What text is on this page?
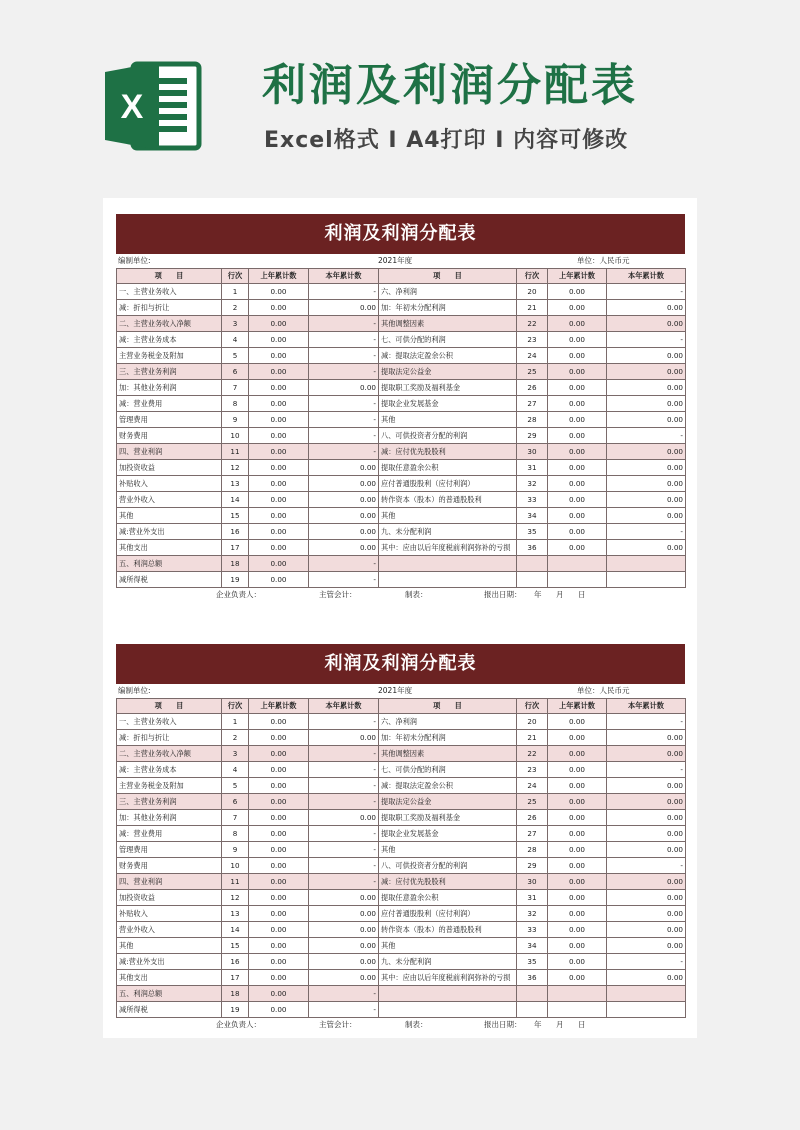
X	利润及利润分配表
Excel格式 I A4打印 I 内容可修改
利润及利润分配表
编制单位:	2021年度	单位：人民币元
项　　目	行次	上年累计数	本年累计数	项　　目	行次	上年累计数	本年累计数
一、主营业务收入	1	0.00	-	六、净利润	20	0.00	-
减：折扣与折让	2	0.00	0.00	加：年初未分配利润	21	0.00	0.00
二、主营业务收入净额	3	0.00	-	其他调整因素	22	0.00	0.00
减：主营业务成本	4	0.00	-	七、可供分配的利润	23	0.00	-
主营业务税金及附加	5	0.00	-	减：提取法定盈余公积	24	0.00	0.00
三、主营业务利润	6	0.00	-	提取法定公益金	25	0.00	0.00
加：其他业务利润	7	0.00	0.00	提取职工奖励及福利基金	26	0.00	0.00
减：营业费用	8	0.00	-	提取企业发展基金	27	0.00	0.00
管理费用	9	0.00	-	其他	28	0.00	0.00
财务费用	10	0.00	-	八、可供投资者分配的利润	29	0.00	-
四、营业利润	11	0.00	-	减：应付优先股股利	30	0.00	0.00
加投资收益	12	0.00	0.00	提取任意盈余公积	31	0.00	0.00
补贴收入	13	0.00	0.00	应付普通股股利（应付利润）	32	0.00	0.00
营业外收入	14	0.00	0.00	转作资本（股本）的普通股股利	33	0.00	0.00
其他	15	0.00	0.00	其他	34	0.00	0.00
减:营业外支出	16	0.00	0.00	九、未分配利润	35	0.00	-
其他支出	17	0.00	0.00	其中：应由以后年度税前利润弥补的亏损	36	0.00	0.00
五、利润总额	18	0.00	-				
减所得税	19	0.00	-				
企业负责人：	主管会计：	制表：	报出日期： 年 月 日
利润及利润分配表
编制单位:	2021年度	单位：人民币元
项　　目	行次	上年累计数	本年累计数	项　　目	行次	上年累计数	本年累计数
一、主营业务收入	1	0.00	-	六、净利润	20	0.00	-
减：折扣与折让	2	0.00	0.00	加：年初未分配利润	21	0.00	0.00
二、主营业务收入净额	3	0.00	-	其他调整因素	22	0.00	0.00
减：主营业务成本	4	0.00	-	七、可供分配的利润	23	0.00	-
主营业务税金及附加	5	0.00	-	减：提取法定盈余公积	24	0.00	0.00
三、主营业务利润	6	0.00	-	提取法定公益金	25	0.00	0.00
加：其他业务利润	7	0.00	0.00	提取职工奖励及福利基金	26	0.00	0.00
减：营业费用	8	0.00	-	提取企业发展基金	27	0.00	0.00
管理费用	9	0.00	-	其他	28	0.00	0.00
财务费用	10	0.00	-	八、可供投资者分配的利润	29	0.00	-
四、营业利润	11	0.00	-	减：应付优先股股利	30	0.00	0.00
加投资收益	12	0.00	0.00	提取任意盈余公积	31	0.00	0.00
补贴收入	13	0.00	0.00	应付普通股股利（应付利润）	32	0.00	0.00
营业外收入	14	0.00	0.00	转作资本（股本）的普通股股利	33	0.00	0.00
其他	15	0.00	0.00	其他	34	0.00	0.00
减:营业外支出	16	0.00	0.00	九、未分配利润	35	0.00	-
其他支出	17	0.00	0.00	其中：应由以后年度税前利润弥补的亏损	36	0.00	0.00
五、利润总额	18	0.00	-				
减所得税	19	0.00	-				
企业负责人：	主管会计：	制表：	报出日期： 年 月 日
